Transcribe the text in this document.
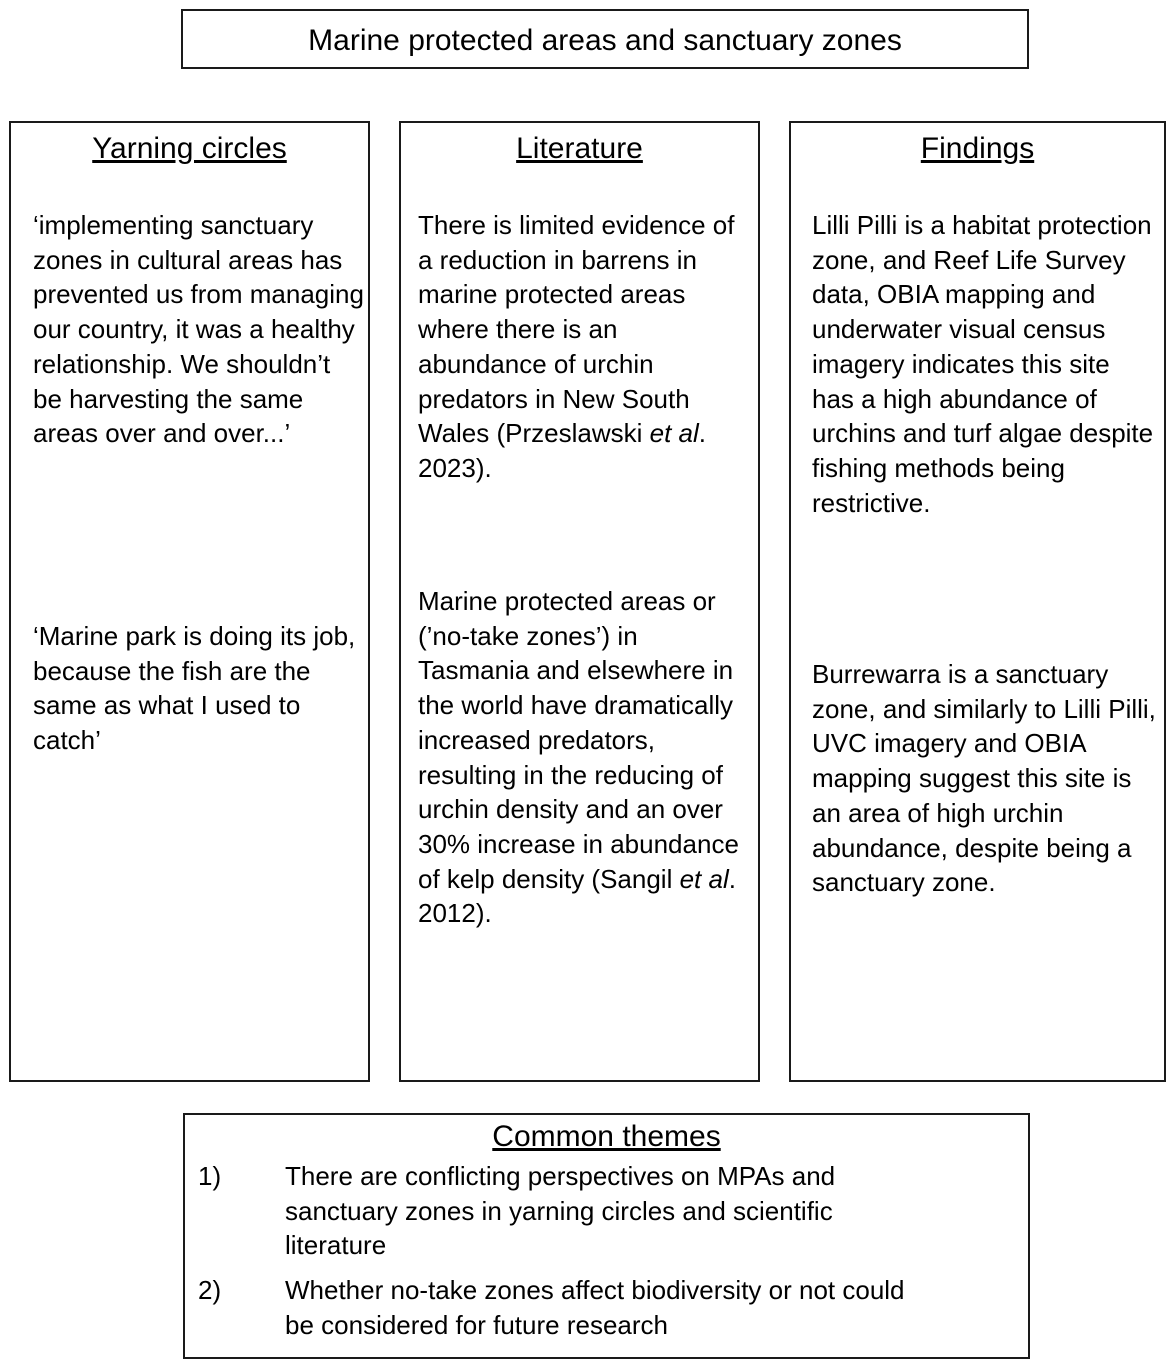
Marine protected areas and sanctuary zones
Yarning circles
‘implementing sanctuary zones in cultural areas has prevented us from managing our country, it was a healthy relationship. We shouldn’t be harvesting the same areas over and over...’
‘Marine park is doing its job, because the fish are the same as what I used to catch’
Literature
There is limited evidence of a reduction in barrens in marine protected areas where there is an abundance of urchin predators in New South Wales (Przeslawski et al. 2023).
Marine protected areas or (’no-take zones’) in Tasmania and elsewhere in the world have dramatically increased predators, resulting in the reducing of urchin density and an over 30% increase in abundance of kelp density (Sangil et al. 2012).
Findings
Lilli Pilli is a habitat protection zone, and Reef Life Survey data, OBIA mapping and underwater visual census imagery indicates this site has a high abundance of urchins and turf algae despite fishing methods being restrictive.
Burrewarra is a sanctuary zone, and similarly to Lilli Pilli, UVC imagery and OBIA mapping suggest this site is an area of high urchin abundance, despite being a sanctuary zone.
Common themes
1) There are conflicting perspectives on MPAs and sanctuary zones in yarning circles and scientific literature
2) Whether no-take zones affect biodiversity or not could be considered for future research
